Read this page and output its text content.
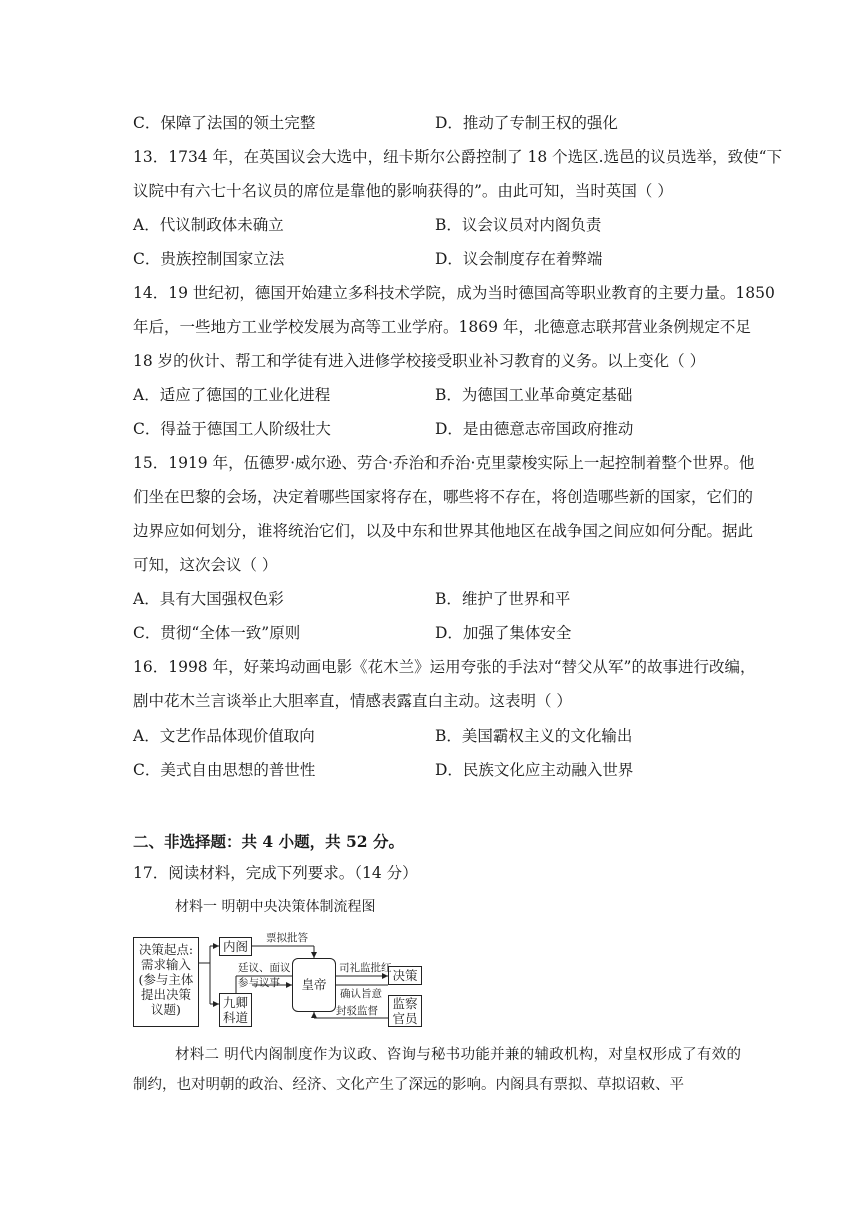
C．保障了法国的领土完整	D．推动了专制王权的强化
13．1734 年，在英国议会大选中，纽卡斯尔公爵控制了 18 个选区.选邑的议员选举，致使“下
议院中有六七十名议员的席位是靠他的影响获得的”。由此可知，当时英国（ ）
A．代议制政体未确立	B．议会议员对内阁负责
C．贵族控制国家立法	D．议会制度存在着弊端
14．19 世纪初，德国开始建立多科技术学院，成为当时德国高等职业教育的主要力量。1850
年后，一些地方工业学校发展为高等工业学府。1869 年，北德意志联邦营业条例规定不足
18 岁的伙计、帮工和学徒有进入进修学校接受职业补习教育的义务。以上变化（ ）
A．适应了德国的工业化进程	B．为德国工业革命奠定基础
C．得益于德国工人阶级壮大	D．是由德意志帝国政府推动
15．1919 年，伍德罗·威尔逊、劳合·乔治和乔治·克里蒙梭实际上一起控制着整个世界。他
们坐在巴黎的会场，决定着哪些国家将存在，哪些将不存在，将创造哪些新的国家，它们的
边界应如何划分，谁将统治它们，以及中东和世界其他地区在战争国之间应如何分配。据此
可知，这次会议（ ）
A．具有大国强权色彩	B．维护了世界和平
C．贯彻“全体一致”原则	D．加强了集体安全
16．1998 年，好莱坞动画电影《花木兰》运用夸张的手法对“替父从军”的故事进行改编，
剧中花木兰言谈举止大胆率直，情感表露直白主动。这表明（ ）
A．文艺作品体现价值取向	B．美国霸权主义的文化输出
C．美式自由思想的普世性	D．民族文化应主动融入世界
二、非选择题：共 4 小题，共 52 分。
17．阅读材料，完成下列要求。（14 分）
材料一 明朝中央决策体制流程图
决策起点:
需求输入
(参与主体
提出决策
议题)
内阁
九卿
科道
皇帝
决策
监察
官员
票拟批答
廷议、面议
参与议事
司礼监批红
确认旨意
封驳监督
材料二 明代内阁制度作为议政、咨询与秘书功能并兼的辅政机构，对皇权形成了有效的制约，也对明朝的政治、经济、文化产生了深远的影响。内阁具有票拟、草拟诏敕、平
